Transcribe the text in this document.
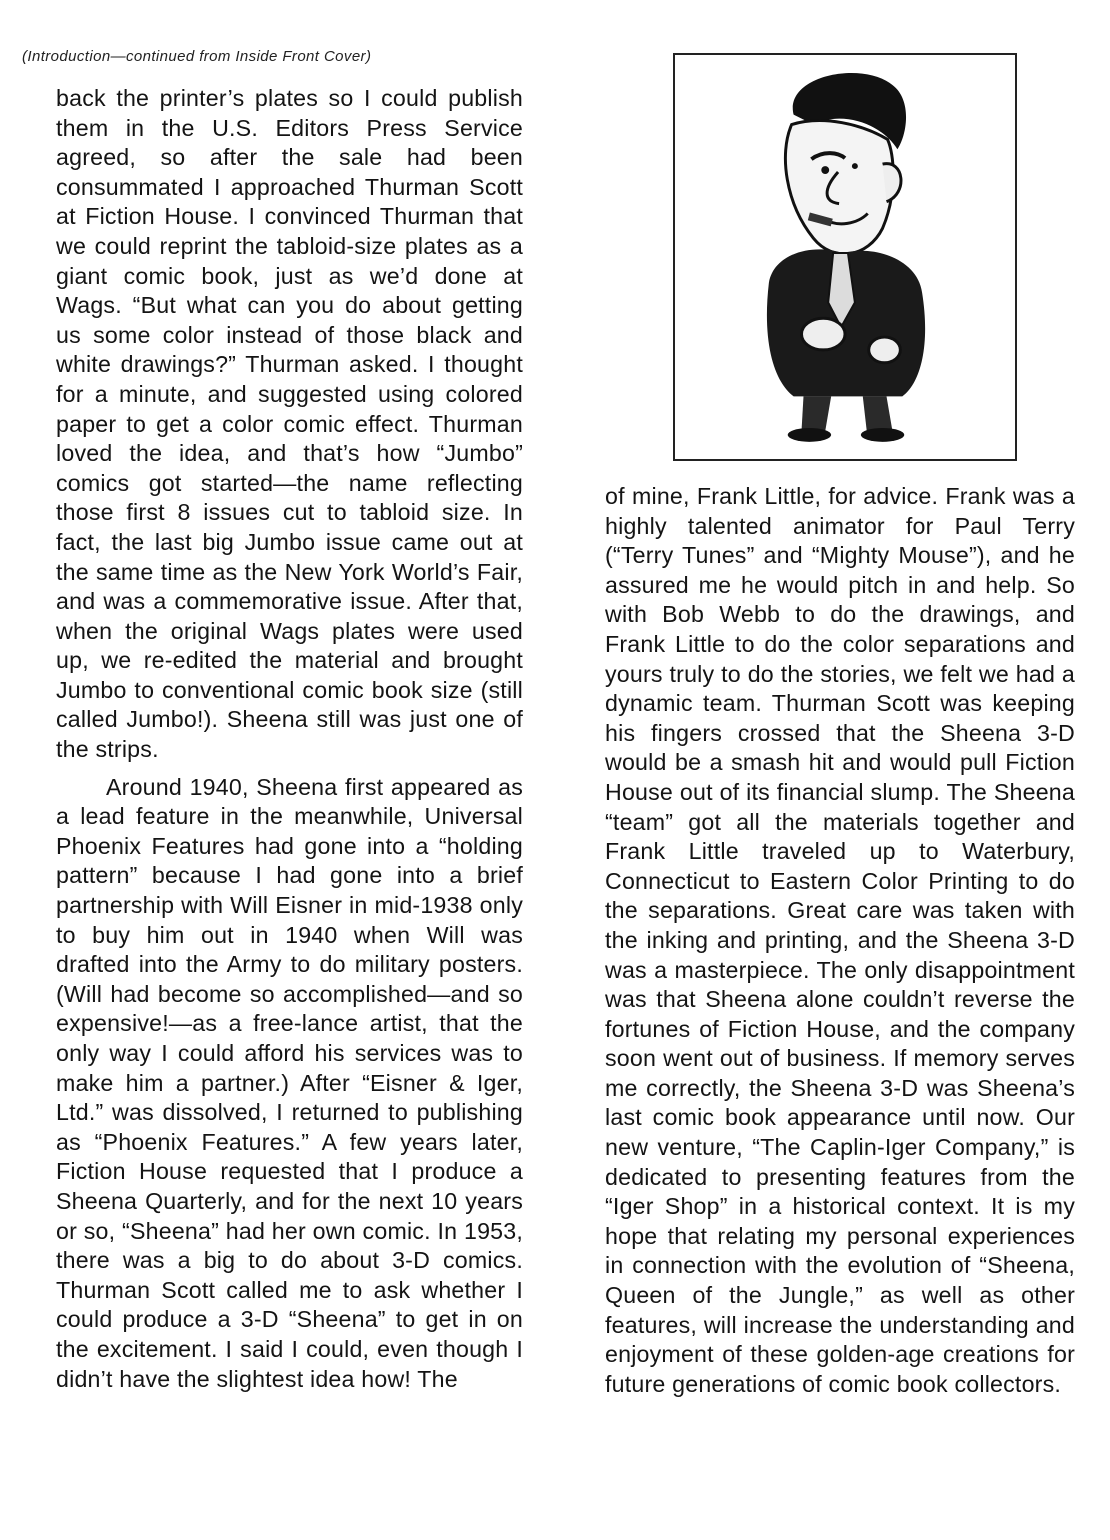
(Introduction—continued from Inside Front Cover)

back the printer’s plates so I could publish them in the U.S. Editors Press Service agreed, so after the sale had been consummated I approached Thurman Scott at Fiction House. I convinced Thurman that we could reprint the tabloid-size plates as a giant comic book, just as we’d done at Wags. “But what can you do about getting us some color instead of those black and white drawings?” Thurman asked. I thought for a minute, and suggested using colored paper to get a color comic effect. Thurman loved the idea, and that’s how “Jumbo” comics got started—the name reflecting those first 8 issues cut to tabloid size. In fact, the last big Jumbo issue came out at the same time as the New York World’s Fair, and was a commemorative issue. After that, when the original Wags plates were used up, we re-edited the material and brought Jumbo to conventional comic book size (still called Jumbo!). Sheena still was just one of the strips.

Around 1940, Sheena first appeared as a lead feature in the meanwhile, Universal Phoenix Features had gone into a “holding pattern” because I had gone into a brief partnership with Will Eisner in mid-1938 only to buy him out in 1940 when Will was drafted into the Army to do military posters. (Will had become so accomplished—and so expensive!—as a free-lance artist, that the only way I could afford his services was to make him a partner.) After “Eisner & Iger, Ltd.” was dissolved, I returned to publishing as “Phoenix Features.” A few years later, Fiction House requested that I produce a Sheena Quarterly, and for the next 10 years or so, “Sheena” had her own comic. In 1953, there was a big to do about 3-D comics. Thurman Scott called me to ask whether I could produce a 3-D “Sheena” to get in on the excitement. I said I could, even though I didn’t have the slightest idea how! The

of mine, Frank Little, for advice. Frank was a highly talented animator for Paul Terry (“Terry Tunes” and “Mighty Mouse”), and he assured me he would pitch in and help. So with Bob Webb to do the drawings, and Frank Little to do the color separations and yours truly to do the stories, we felt we had a dynamic team. Thurman Scott was keeping his fingers crossed that the Sheena 3-D would be a smash hit and would pull Fiction House out of its financial slump. The Sheena “team” got all the materials together and Frank Little traveled up to Waterbury, Connecticut to Eastern Color Printing to do the separations. Great care was taken with the inking and printing, and the Sheena 3-D was a masterpiece. The only disappointment was that Sheena alone couldn’t reverse the fortunes of Fiction House, and the company soon went out of business. If memory serves me correctly, the Sheena 3-D was Sheena’s last comic book appearance until now. Our new venture, “The Caplin-Iger Company,” is dedicated to presenting features from the “Iger Shop” in a historical context. It is my hope that relating my personal experiences in connection with the evolution of “Sheena, Queen of the Jungle,” as well as other features, will increase the understanding and enjoyment of these golden-age creations for future generations of comic book collectors.
